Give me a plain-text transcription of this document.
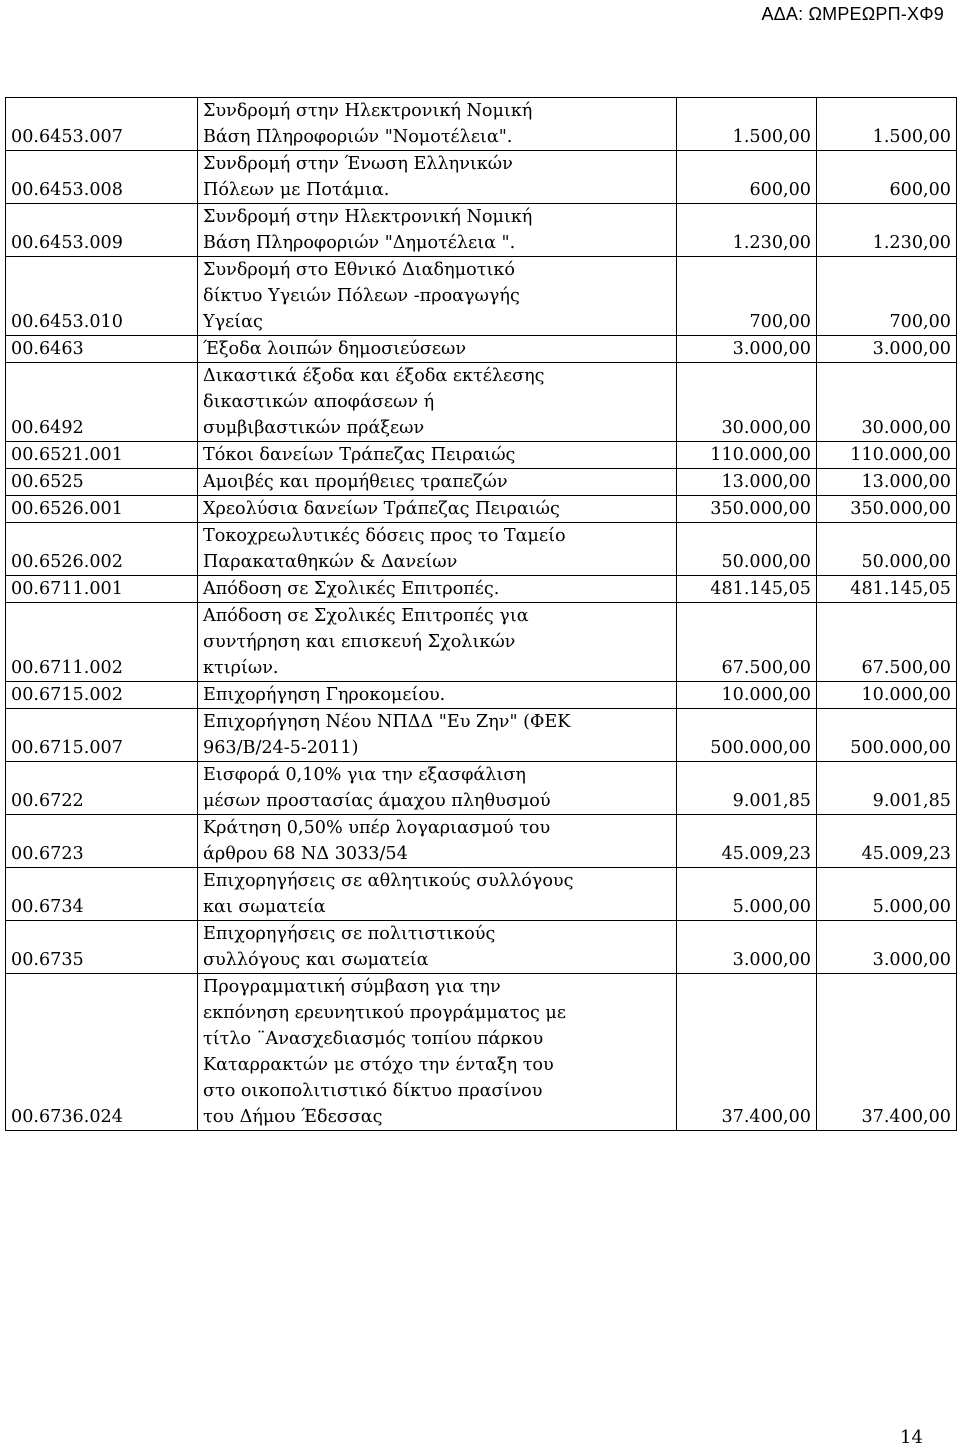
ΑΔΑ: ΩΜΡΕΩΡΠ-ΧΦ9
00.6453.007	Συνδρομή στην Ηλεκτρονική Νομική Βάση Πληροφοριών "Νομοτέλεια".	1.500,00	1.500,00
00.6453.008	Συνδρομή στην Ένωση Ελληνικών Πόλεων με Ποτάμια.	600,00	600,00
00.6453.009	Συνδρομή στην Ηλεκτρονική Νομική Βάση Πληροφοριών "Δημοτέλεια ".	1.230,00	1.230,00
00.6453.010	Συνδρομή στο Εθνικό Διαδημοτικό δίκτυο Υγειών Πόλεων -προαγωγής Υγείας	700,00	700,00
00.6463	Έξοδα λοιπών δημοσιεύσεων	3.000,00	3.000,00
00.6492	Δικαστικά έξοδα και έξοδα εκτέλεσης δικαστικών αποφάσεων ή συμβιβαστικών πράξεων	30.000,00	30.000,00
00.6521.001	Τόκοι δανείων Τράπεζας Πειραιώς	110.000,00	110.000,00
00.6525	Αμοιβές και προμήθειες τραπεζών	13.000,00	13.000,00
00.6526.001	Χρεολύσια δανείων Τράπεζας Πειραιώς	350.000,00	350.000,00
00.6526.002	Τοκοχρεωλυτικές δόσεις προς το Ταμείο Παρακαταθηκών & Δανείων	50.000,00	50.000,00
00.6711.001	Απόδοση σε Σχολικές Επιτροπές.	481.145,05	481.145,05
00.6711.002	Απόδοση σε Σχολικές Επιτροπές για συντήρηση και επισκευή Σχολικών κτιρίων.	67.500,00	67.500,00
00.6715.002	Επιχορήγηση Γηροκομείου.	10.000,00	10.000,00
00.6715.007	Επιχορήγηση Νέου ΝΠΔΔ "Ευ Ζην" (ΦΕΚ 963/Β/24-5-2011)	500.000,00	500.000,00
00.6722	Εισφορά 0,10% για την εξασφάλιση μέσων προστασίας άμαχου πληθυσμού	9.001,85	9.001,85
00.6723	Κράτηση 0,50% υπέρ λογαριασμού του άρθρου 68 ΝΔ 3033/54	45.009,23	45.009,23
00.6734	Επιχορηγήσεις σε αθλητικούς συλλόγους και σωματεία	5.000,00	5.000,00
00.6735	Επιχορηγήσεις σε πολιτιστικούς συλλόγους και σωματεία	3.000,00	3.000,00
00.6736.024	Προγραμματική σύμβαση για την εκπόνηση ερευνητικού προγράμματος με τίτλο ¨Ανασχεδιασμός τοπίου πάρκου Καταρρακτών με στόχο την ένταξη του στο οικοπολιτιστικό δίκτυο πρασίνου του Δήμου Έδεσσας	37.400,00	37.400,00
14
